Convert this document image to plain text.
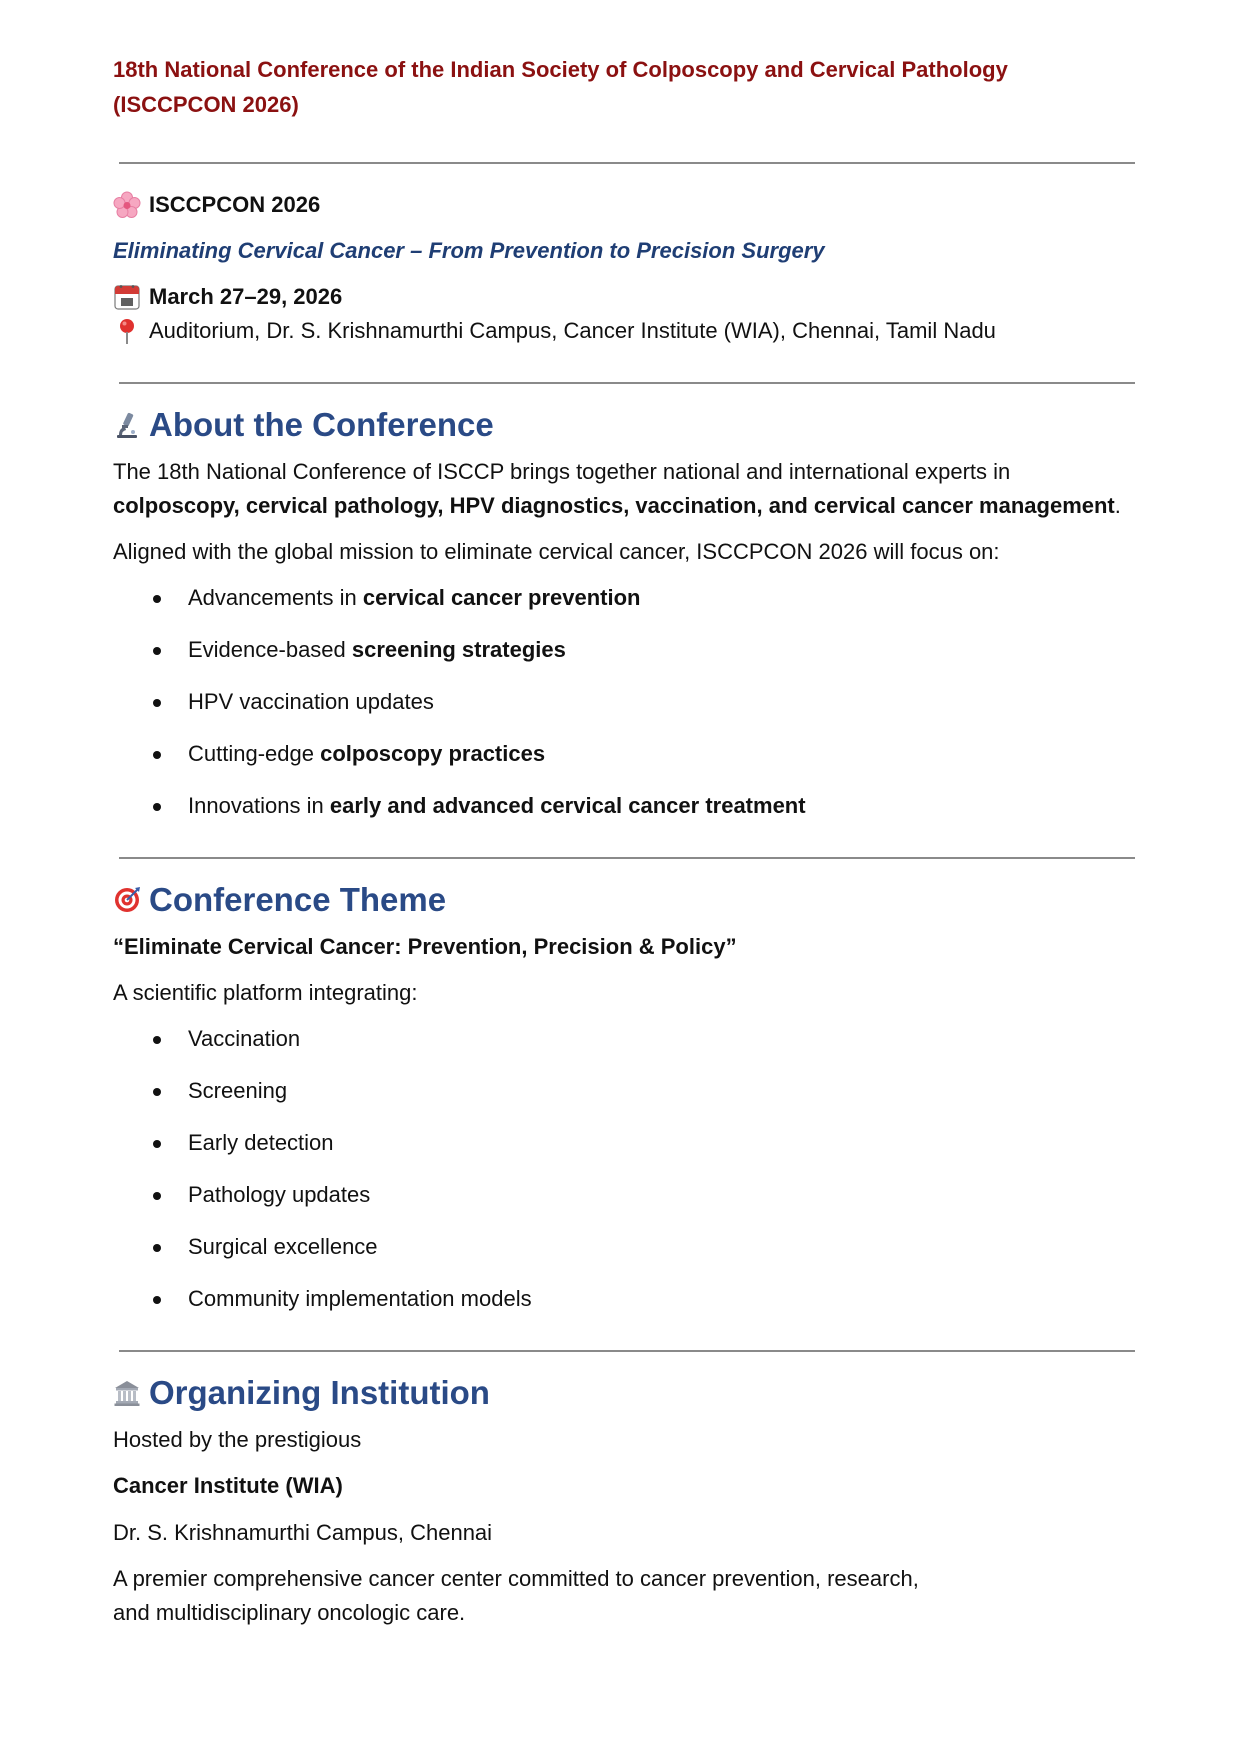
18th National Conference of the Indian Society of Colposcopy and Cervical Pathology (ISCCPCON 2026)
ISCCPCON 2026

Eliminating Cervical Cancer – From Prevention to Precision Surgery

March 27–29, 2026
Auditorium, Dr. S. Krishnamurthi Campus, Cancer Institute (WIA), Chennai, Tamil Nadu
About the Conference

The 18th National Conference of ISCCP brings together national and international experts in
colposcopy, cervical pathology, HPV diagnostics, vaccination, and cervical cancer management.

Aligned with the global mission to eliminate cervical cancer, ISCCPCON 2026 will focus on:

Advancements in cervical cancer prevention
Evidence-based screening strategies
HPV vaccination updates
Cutting-edge colposcopy practices
Innovations in early and advanced cervical cancer treatment
Conference Theme

“Eliminate Cervical Cancer: Prevention, Precision & Policy”

A scientific platform integrating:

Vaccination
Screening
Early detection
Pathology updates
Surgical excellence
Community implementation models
Organizing Institution

Hosted by the prestigious

Cancer Institute (WIA)

Dr. S. Krishnamurthi Campus, Chennai

A premier comprehensive cancer center committed to cancer prevention, research, and multidisciplinary oncologic care.
